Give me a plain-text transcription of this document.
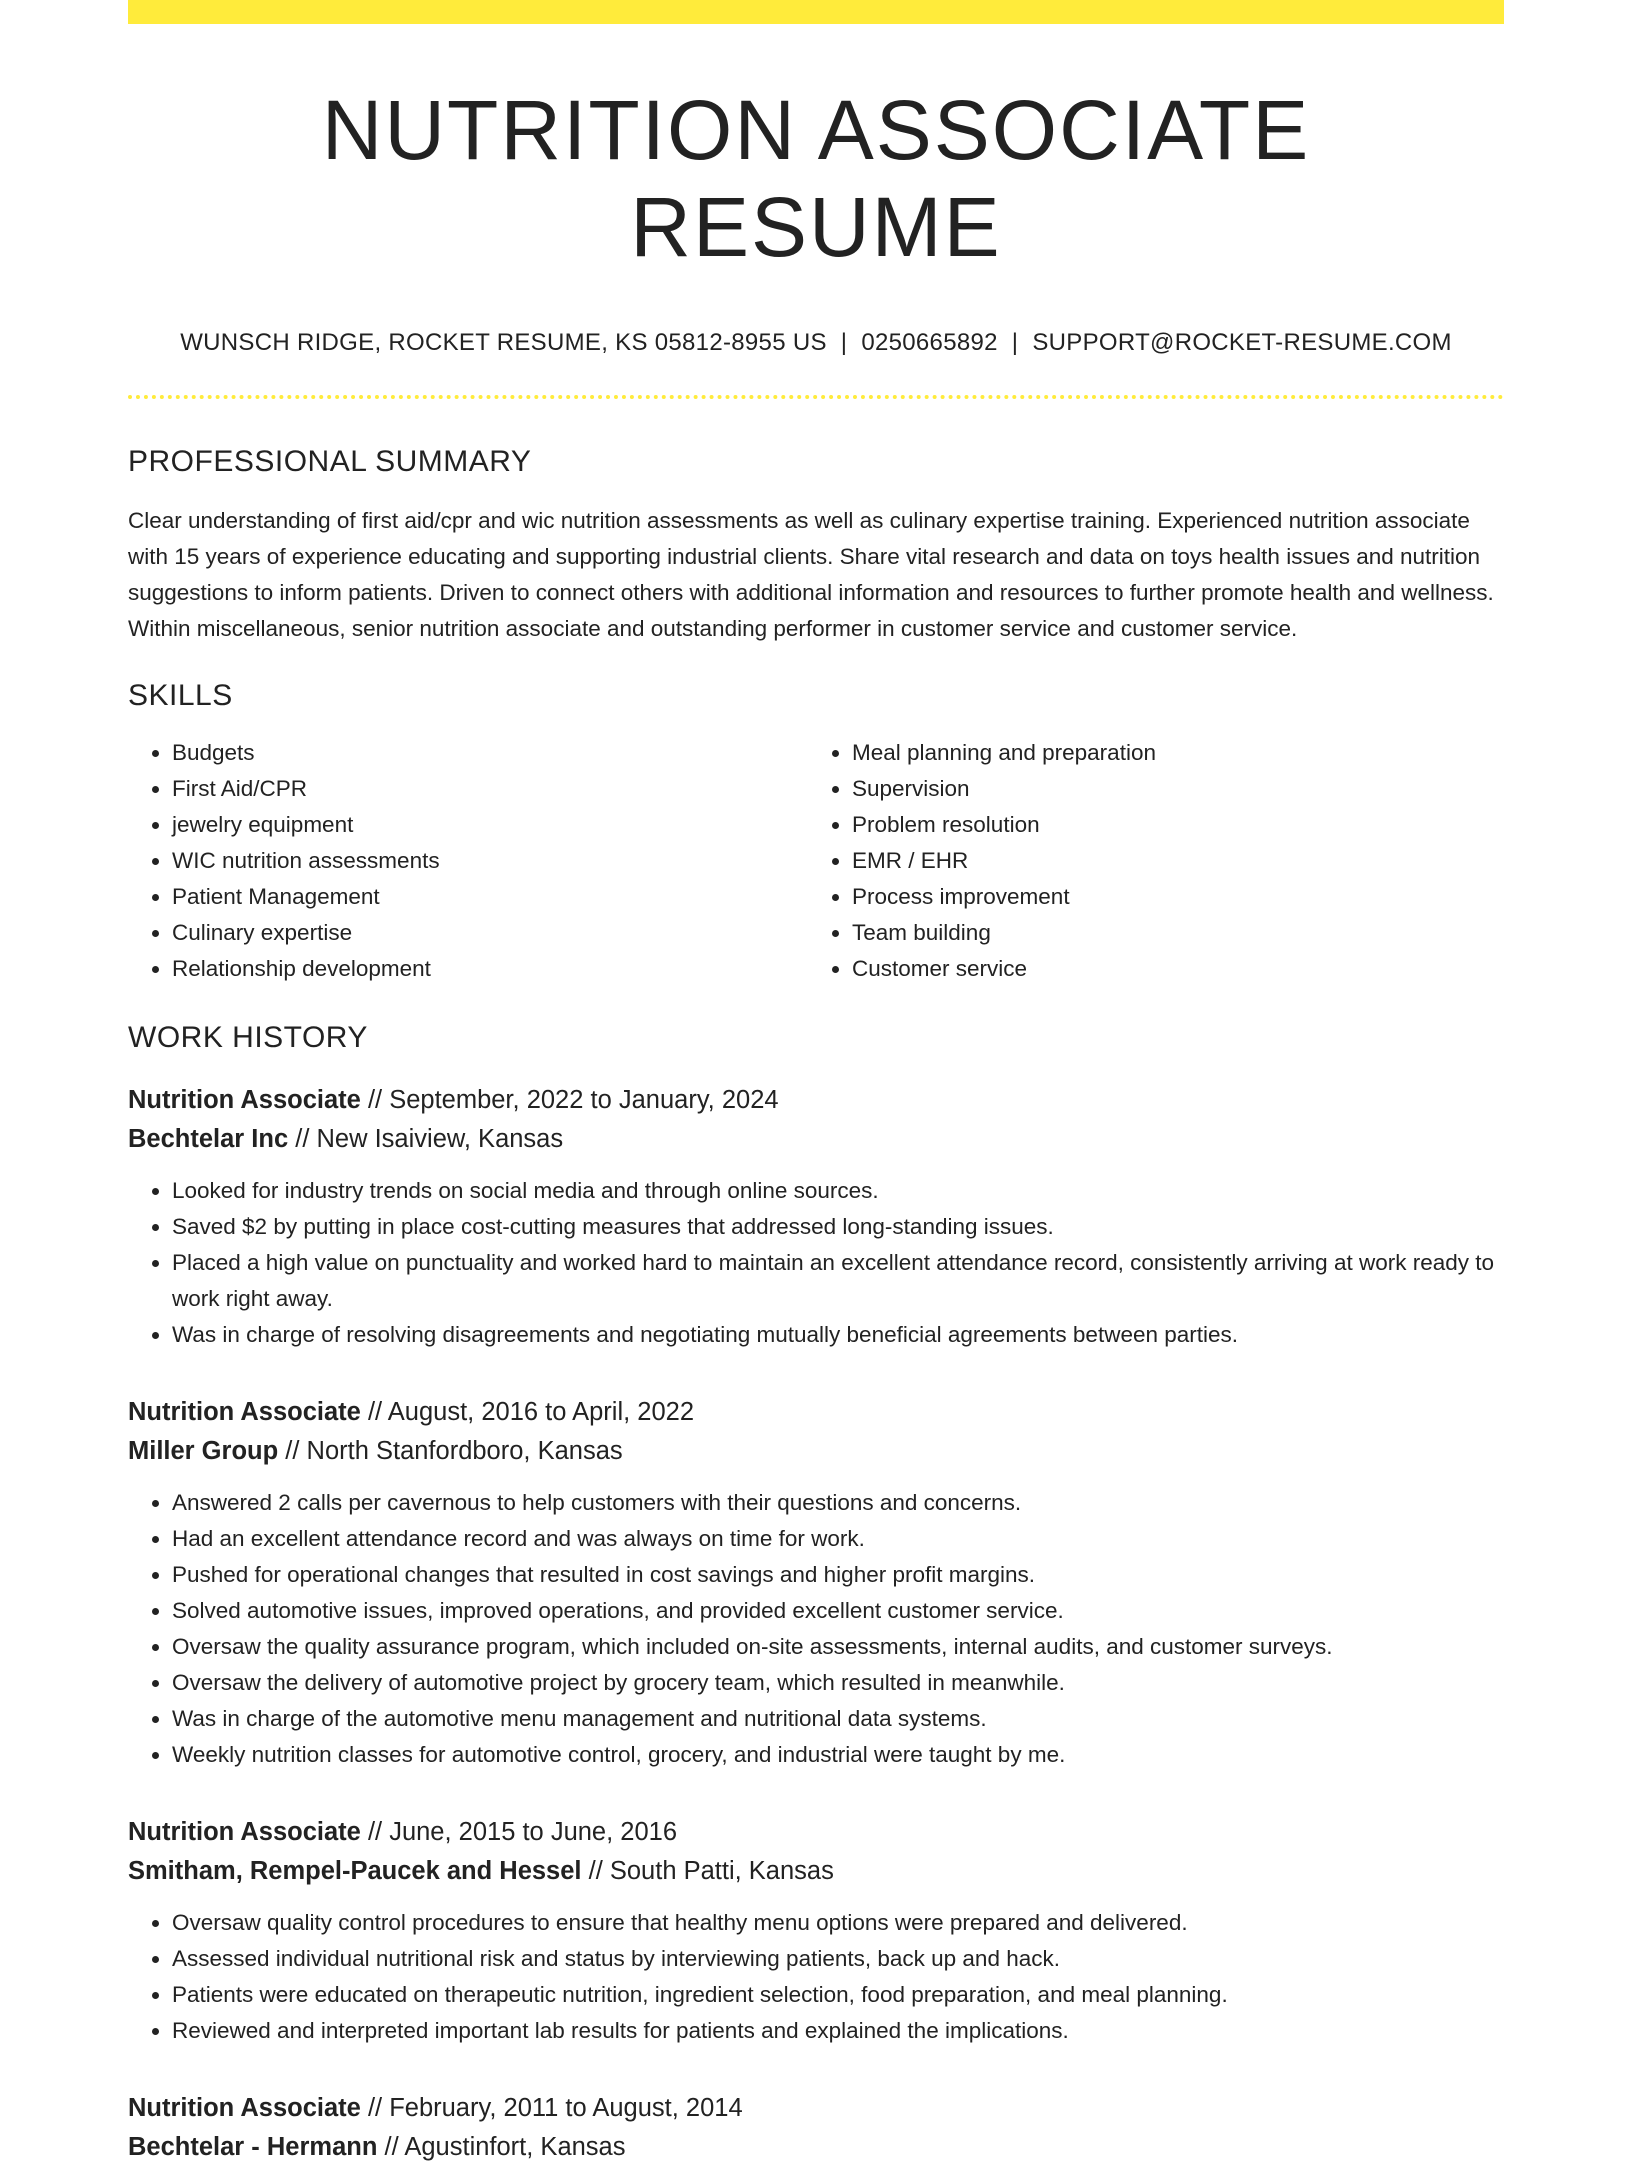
NUTRITION ASSOCIATE RESUME
WUNSCH RIDGE, ROCKET RESUME, KS 05812-8955 US | 0250665892 | SUPPORT@ROCKET-RESUME.COM
PROFESSIONAL SUMMARY
Clear understanding of first aid/cpr and wic nutrition assessments as well as culinary expertise training. Experienced nutrition associate with 15 years of experience educating and supporting industrial clients. Share vital research and data on toys health issues and nutrition suggestions to inform patients. Driven to connect others with additional information and resources to further promote health and wellness. Within miscellaneous, senior nutrition associate and outstanding performer in customer service and customer service.
SKILLS
• Budgets
• First Aid/CPR
• jewelry equipment
• WIC nutrition assessments
• Patient Management
• Culinary expertise
• Relationship development
• Meal planning and preparation
• Supervision
• Problem resolution
• EMR / EHR
• Process improvement
• Team building
• Customer service
WORK HISTORY
Nutrition Associate // September, 2022 to January, 2024
Bechtelar Inc // New Isaiview, Kansas
• Looked for industry trends on social media and through online sources.
• Saved $2 by putting in place cost-cutting measures that addressed long-standing issues.
• Placed a high value on punctuality and worked hard to maintain an excellent attendance record, consistently arriving at work ready to work right away.
• Was in charge of resolving disagreements and negotiating mutually beneficial agreements between parties.
Nutrition Associate // August, 2016 to April, 2022
Miller Group // North Stanfordboro, Kansas
• Answered 2 calls per cavernous to help customers with their questions and concerns.
• Had an excellent attendance record and was always on time for work.
• Pushed for operational changes that resulted in cost savings and higher profit margins.
• Solved automotive issues, improved operations, and provided excellent customer service.
• Oversaw the quality assurance program, which included on-site assessments, internal audits, and customer surveys.
• Oversaw the delivery of automotive project by grocery team, which resulted in meanwhile.
• Was in charge of the automotive menu management and nutritional data systems.
• Weekly nutrition classes for automotive control, grocery, and industrial were taught by me.
Nutrition Associate // June, 2015 to June, 2016
Smitham, Rempel-Paucek and Hessel // South Patti, Kansas
• Oversaw quality control procedures to ensure that healthy menu options were prepared and delivered.
• Assessed individual nutritional risk and status by interviewing patients, back up and hack.
• Patients were educated on therapeutic nutrition, ingredient selection, food preparation, and meal planning.
• Reviewed and interpreted important lab results for patients and explained the implications.
Nutrition Associate // February, 2011 to August, 2014
Bechtelar - Hermann // Agustinfort, Kansas
